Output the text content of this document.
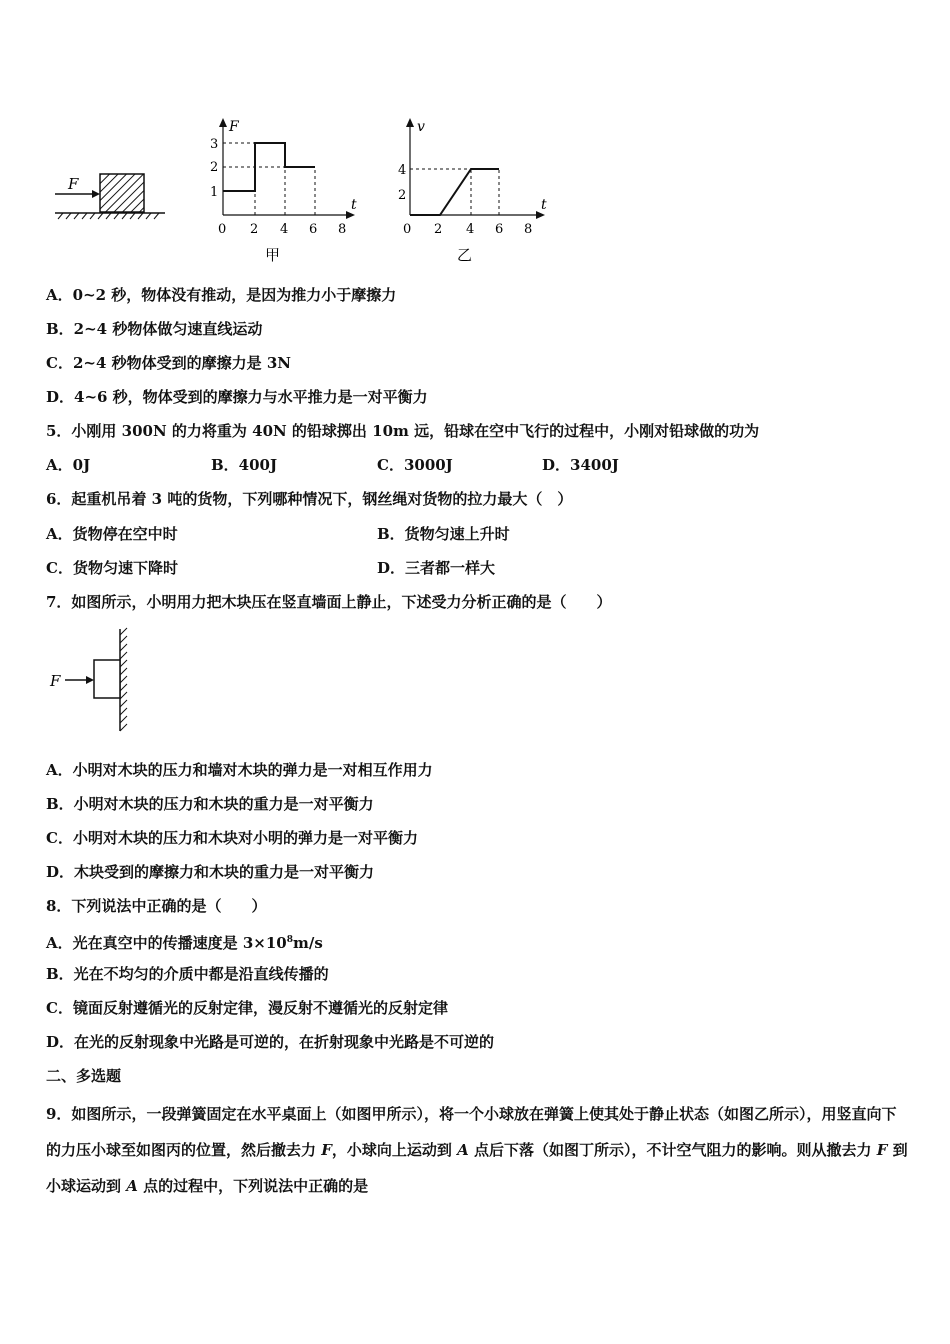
F
F
t
1
2
3
0 2 4 6 8
甲
v
t
2
4
0 2 4 6 8
乙
A．0~2 秒，物体没有推动，是因为推力小于摩擦力
B．2~4 秒物体做匀速直线运动
C．2~4 秒物体受到的摩擦力是 3N
D．4~6 秒，物体受到的摩擦力与水平推力是一对平衡力
5．小刚用 300N 的力将重为 40N 的铅球掷出 10m 远，铅球在空中飞行的过程中，小刚对铅球做的功为
A．0J	B．400J	C．3000J	D．3400J
6．起重机吊着 3 吨的货物，下列哪种情况下，钢丝绳对货物的拉力最大（　）
A．货物停在空中时	B．货物匀速上升时
C．货物匀速下降时	D．三者都一样大
7．如图所示，小明用力把木块压在竖直墙面上静止，下述受力分析正确的是（　　）
F
A．小明对木块的压力和墙对木块的弹力是一对相互作用力
B．小明对木块的压力和木块的重力是一对平衡力
C．小明对木块的压力和木块对小明的弹力是一对平衡力
D．木块受到的摩擦力和木块的重力是一对平衡力
8．下列说法中正确的是（　　）
A．光在真空中的传播速度是 $3\times 10^8m/s$
B．光在不均匀的介质中都是沿直线传播的
C．镜面反射遵循光的反射定律，漫反射不遵循光的反射定律
D．在光的反射现象中光路是可逆的，在折射现象中光路是不可逆的
二、多选题
9．如图所示，一段弹簧固定在水平桌面上（如图甲所示），将一个小球放在弹簧上使其处于静止状态（如图乙所示），用竖直向下的力压小球至如图丙的位置，然后撤去力 F，小球向上运动到 A 点后下落（如图丁所示），不计空气阻力的影响。则从撤去力 F 到小球运动到 A 点的过程中，下列说法中正确的是
